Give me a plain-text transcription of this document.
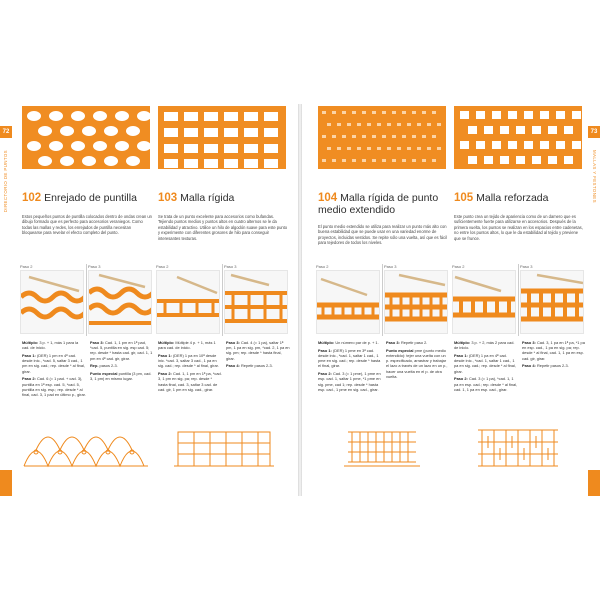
72	73
DIRECTORIO DE PUNTOS	MALLAS Y FESTONES
102 Enrejado de puntilla
Estos pequeños puntos de puntilla colocados dentro de ondas crean un dibujo formado que es perfecto para accesorios veraniegos. Como todas las mallas y redes, los enrejados de puntilla necesitan bloquearse para revelar el efecto completo del punto.
Paso 2	Paso 3

Múltiplo: 3 p. + 1, más 1 para la cad. de inicio.

Paso 1: (DER) 1 pm en 4ª cad. desde inic., *cad. 5, saltar 3 cad., 1 pm en sig. cad.; rep. desde * al final, girar.

Paso 2: Cad. 6 (= 1 pad. + cad. 3), puntilla en 1ª esp. cad. 5, *cad. 5, puntilla en sig. esp.; rep. desde * al final, cad. 3, 1 pad en último p., girar.

Paso 3: Cad. 1, 1 pm en 1ª pad, *cad. 5, puntilla en sig. esp cad. 5; rep. desde * hasta cad. gir, cad. 1, 1 pm en 4ª cad. gir, girar.

Rep. pasos 2-3.

Punto especial puntilla (3 pm, cad. 3, 1 pm) en mismo lugar.

103 Malla rígida
Se trata de un punto excelente para accesorios como bufandas. Tejiendo puntos medios y puntos altos en cuatro alternos se le da estabilidad y atractivo. Utilice un hilo de algodón suave para este punto y experimente con diferentes grosores de hilo para conseguir interesantes texturas.
Paso 2	Paso 3

Múltiplo: Múltiple 4 p. + 1, más 1 para cad. de inicio.

Paso 1: (DER) 1 pa en 10ª desde inic. *cad. 3, saltar 3 cad., 1 pa en sig. cad.; rep. desde * al final, girar.

Paso 2: Cad. 1, 1 pm en 1ª pa, *cad. 3, 1 pm en sig. pa; rep. desde * hasta final, cad. 3, saltar 3 cad. de cad. gir, 1 pm en sig. cad., girar.

Paso 3: Cad. 4 (= 1 pa), saltar 1ª pm, 1 pa en sig. pm, *cad. 2, 1 pa en sig. pm; rep. desde * hasta final, girar.

Paso 4: Repetir pasos 2-3.

104 Malla rígida de punto medio extendido
El punto medio extendido se utiliza para realizar un punto más alto con buena estabilidad que se puede usar en una variedad enorme de proyectos, incluidas vestidos. Se repite sólo una vuelta, así que es fácil para tejedores de todos los niveles.
Paso 2	Paso 3

Múltiplo: Un número par de p. + 1.

Paso 1: (DER) 1 pme en 3ª cad. desde inic., *cad. 1, saltar 1 cad., 1 pme en sig. cad.; rep. desde * hasta el final, girar.

Paso 2: Cad. 3 (= 1 pme), 1 pme en esp. cad. 1, saltar 1 pme, *1 pme en sig. pme, cad 1; rep. desde * hasta esp. cad., 1 pme en sig. cad., girar.

Paso 3: Repetir paso 2.

Punto especial pme (punto medio extendido): tejer una vuelta con un p. especificado, arrastrar y trabajar el lazo a través de un lazo en un p., hacer una vuelta en el p. de otra vuelta.

105 Malla reforzada
Este punto crea un tejido de apariencia como de un damero que es suficientemente fuerte para utilizarse en accesorios. Después de la primera vuelta, los puntos se realizan en los espacios entre cadenetas, no entre los puntos altos, lo que le da estabilidad al tejido y previene que se frunce.
Paso 2	Paso 3

Múltiplo: 3 p. + 2, más 2 para cad. de inicio.

Paso 1: (DER) 1 pa en 4ª cad. desde inic., *cad. 1, saltar 1 cad., 1 pa en sig. cad.; rep. desde * al final, girar.

Paso 2: Cad. 3 (= 1 pa), *cad. 1, 1 pa en esp. cad.; rep. desde * al final, cad. 1, 1 pa en esp. cad., girar.

Paso 3: Cad. 3, 1 pa en 1ª pa, *1 pa en esp. cad., 1 pa en sig. pa; rep. desde * al final, cad. 1, 1 pa en esp. cad. gir, girar.

Paso 4: Repetir pasos 2-3.
